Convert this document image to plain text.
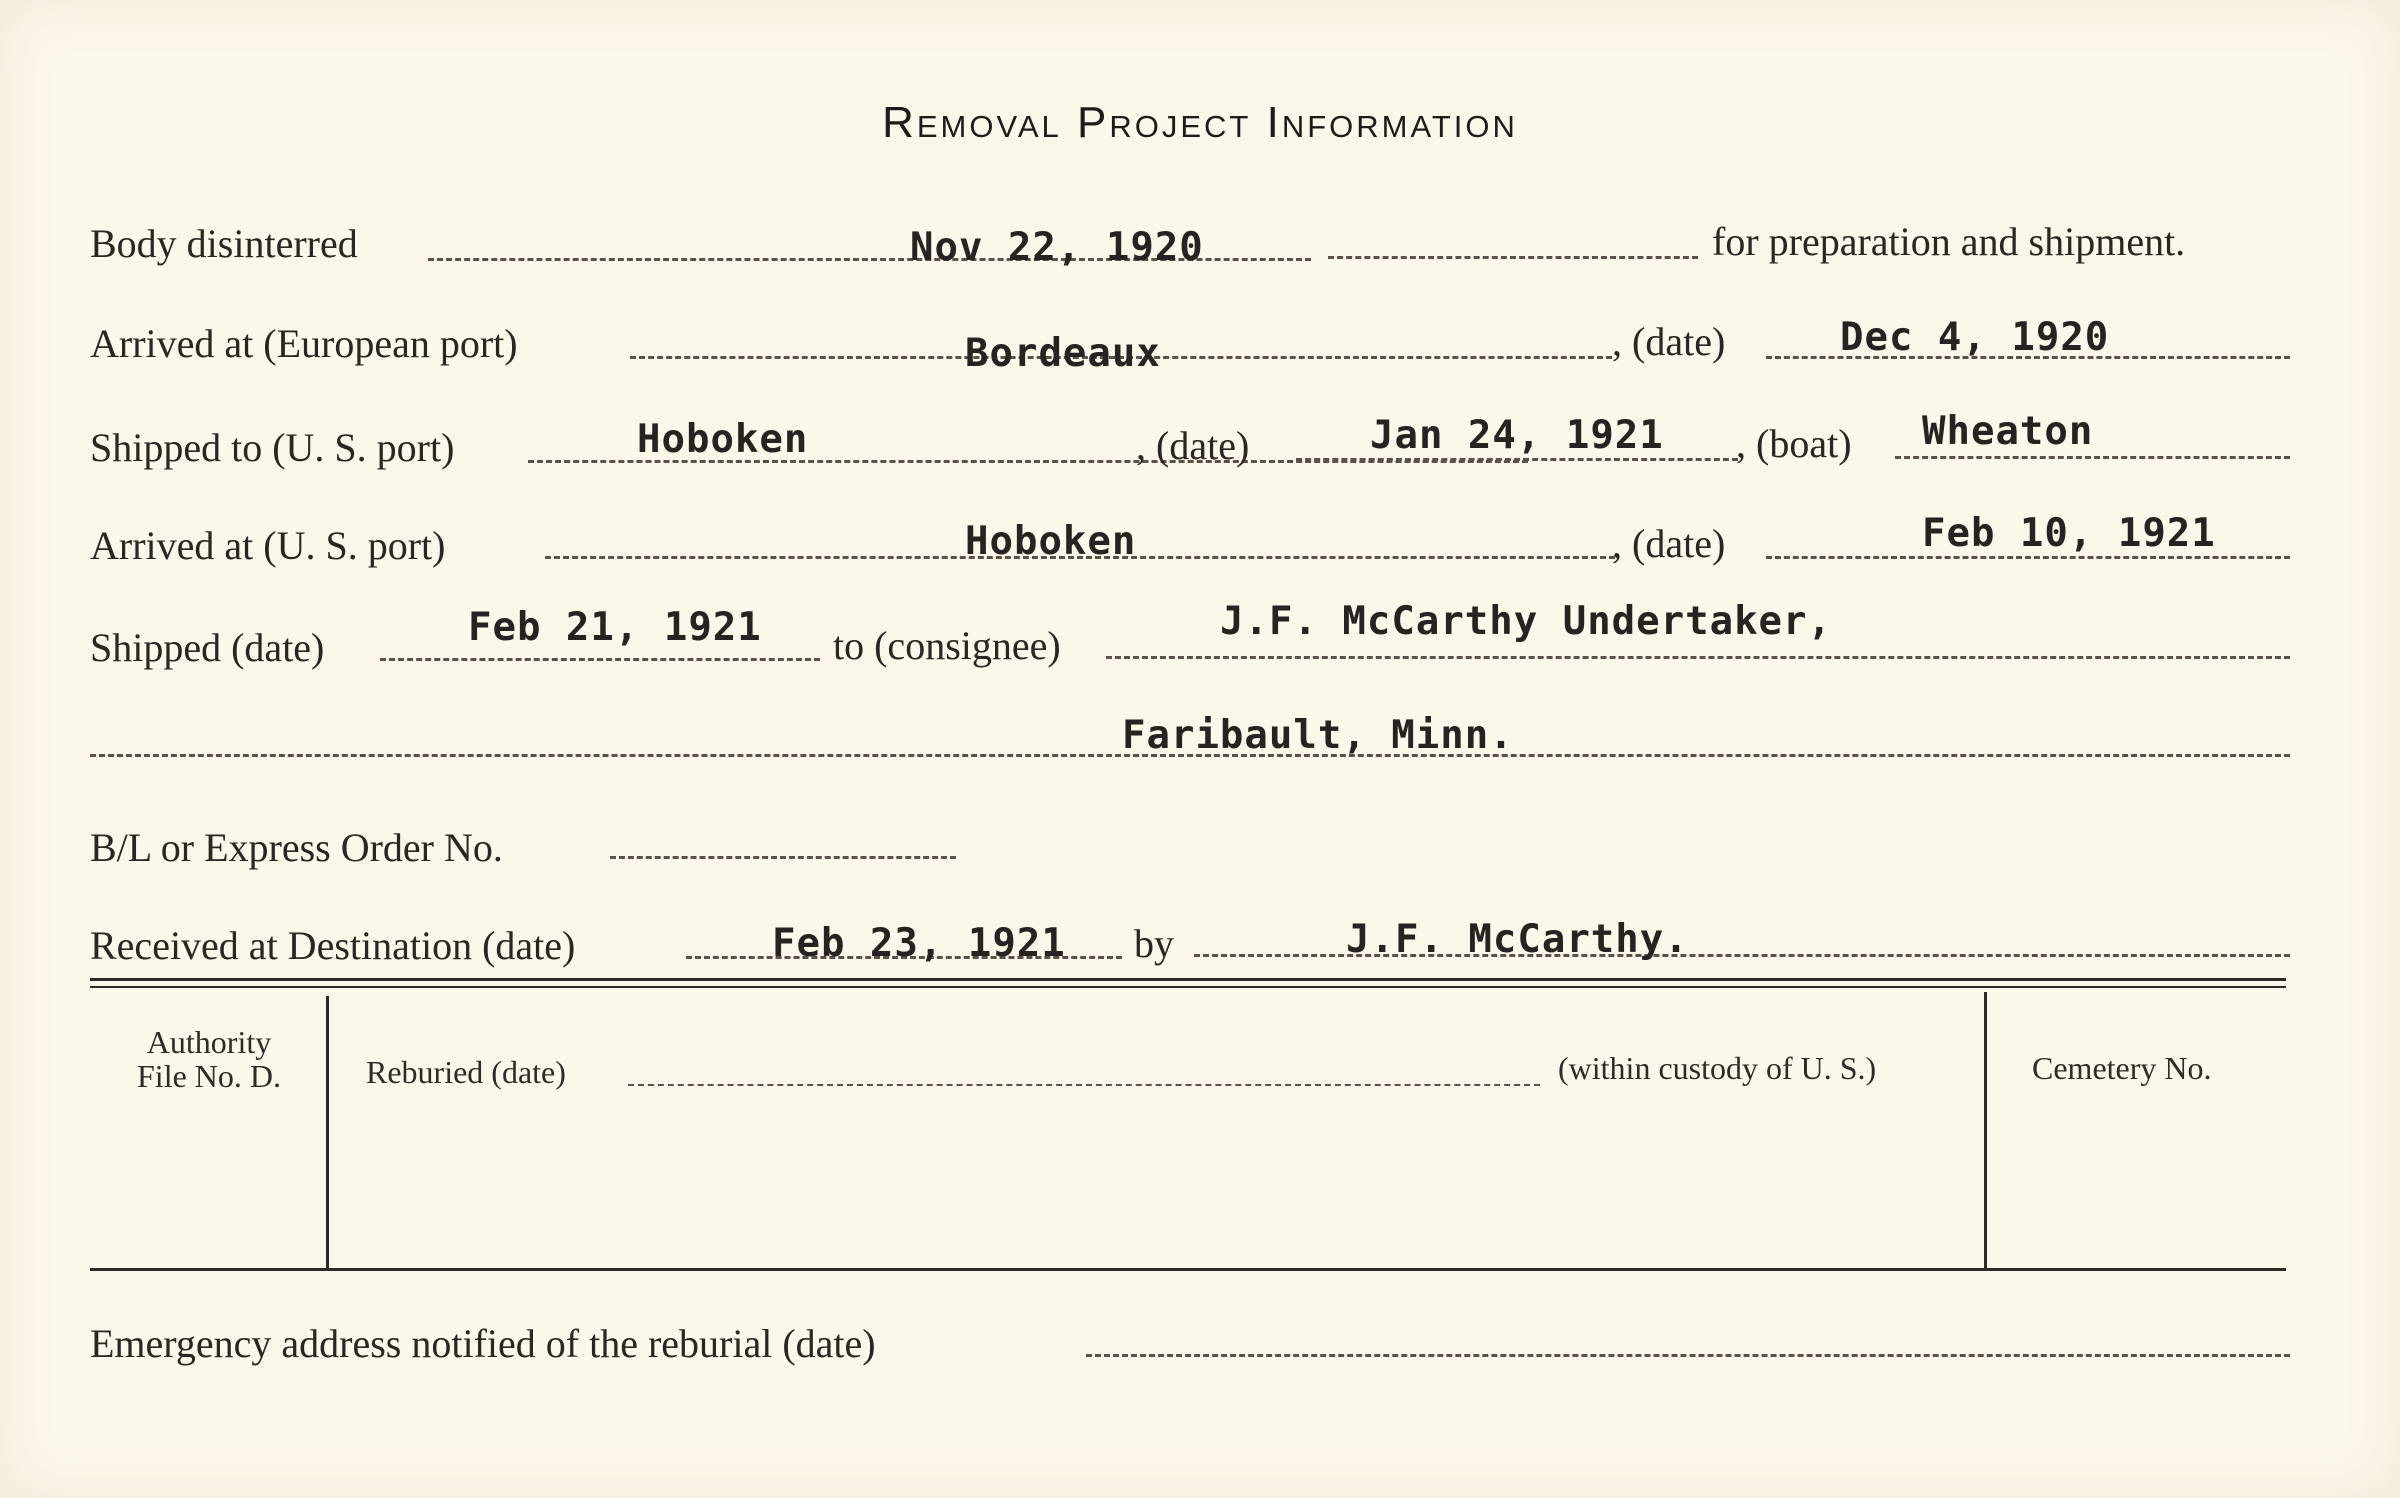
Removal Project Information
Body disinterred	Nov 22, 1920	for preparation and shipment.
Arrived at (European port)	Bordeaux	, (date)	Dec 4, 1920
Shipped to (U. S. port)	Hoboken	, (date)	Jan 24, 1921 , (boat) Wheaton
Arrived at (U. S. port)	Hoboken	, (date)	Feb 10, 1921
Shipped (date)	Feb 21, 1921 to (consignee)
J.F. McCarthy Undertaker,
Faribault, Minn.
B/L or Express Order No.
Received at Destination (date)	Feb 23, 1921 by	J.F. McCarthy.
Authority
File No. D.	Reburied (date)	(within custody of U. S.)	Cemetery No.
Emergency address notified of the reburial (date)
